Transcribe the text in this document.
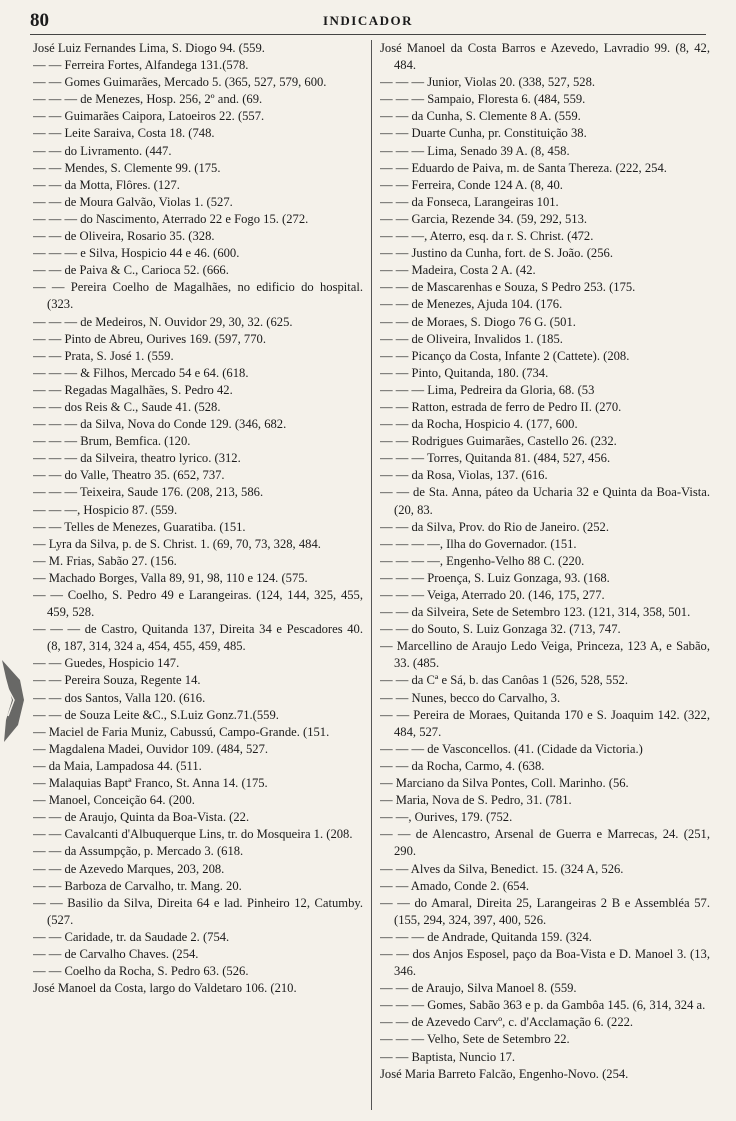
80	INDICADOR

José Luiz Fernandes Lima, S. Diogo 94. (559.

— — Ferreira Fortes, Alfandega 131.(578.

— — Gomes Guimarães, Mercado 5. (365, 527, 579, 600.

— — — de Menezes, Hosp. 256, 2º and. (69.

— — Guimarães Caipora, Latoeiros 22. (557.

— — Leite Saraiva, Costa 18. (748.

— — do Livramento. (447.

— — Mendes, S. Clemente 99. (175.

— — da Motta, Flôres. (127.

— — de Moura Galvão, Violas 1. (527.

— — — do Nascimento, Aterrado 22 e Fogo 15. (272.

— — de Oliveira, Rosario 35. (328.

— — — e Silva, Hospicio 44 e 46. (600.

— — de Paiva & C., Carioca 52. (666.

— — Pereira Coelho de Magalhães, no edificio do hospital. (323.

— — — de Medeiros, N. Ouvidor 29, 30, 32. (625.

— — Pinto de Abreu, Ourives 169. (597, 770.

— — Prata, S. José 1. (559.

— — — & Filhos, Mercado 54 e 64. (618.

— — Regadas Magalhães, S. Pedro 42.

— — dos Reis & C., Saude 41. (528.

— — — da Silva, Nova do Conde 129. (346, 682.

— — — Brum, Bemfica. (120.

— — — da Silveira, theatro lyrico. (312.

— — do Valle, Theatro 35. (652, 737.

— — — Teixeira, Saude 176. (208, 213, 586.

— — —, Hospicio 87. (559.

— — Telles de Menezes, Guaratiba. (151.

— Lyra da Silva, p. de S. Christ. 1. (69, 70, 73, 328, 484.

— M. Frias, Sabão 27. (156.

— Machado Borges, Valla 89, 91, 98, 110 e 124. (575.

— — Coelho, S. Pedro 49 e Larangeiras. (124, 144, 325, 455, 459, 528.

— — — de Castro, Quitanda 137, Direita 34 e Pescadores 40. (8, 187, 314, 324 a, 454, 455, 459, 485.

— — Guedes, Hospicio 147.

— — Pereira Souza, Regente 14.

— — dos Santos, Valla 120. (616.

— — de Souza Leite &C., S.Luiz Gonz.71.(559.

— Maciel de Faria Muniz, Cabussú, Campo-Grande. (151.

— Magdalena Madei, Ouvidor 109. (484, 527.

— da Maia, Lampadosa 44. (511.

— Malaquias Baptª Franco, St. Anna 14. (175.

— Manoel, Conceição 64. (200.

— — de Araujo, Quinta da Boa-Vista. (22.

— — Cavalcanti d'Albuquerque Lins, tr. do Mosqueira 1. (208.

— — da Assumpção, p. Mercado 3. (618.

— — de Azevedo Marques, 203, 208.

— — Barboza de Carvalho, tr. Mang. 20.

— — Basilio da Silva, Direita 64 e lad. Pinheiro 12, Catumby. (527.

— — Caridade, tr. da Saudade 2. (754.

— — de Carvalho Chaves. (254.

— — Coelho da Rocha, S. Pedro 63. (526.

José Manoel da Costa, largo do Valdetaro 106. (210.

José Manoel da Costa Barros e Azevedo, Lavradio 99. (8, 42, 484.

— — — Junior, Violas 20. (338, 527, 528.

— — — Sampaio, Floresta 6. (484, 559.

— — da Cunha, S. Clemente 8 A. (559.

— — Duarte Cunha, pr. Constituição 38.

— — — Lima, Senado 39 A. (8, 458.

— — Eduardo de Paiva, m. de Santa Thereza. (222, 254.

— — Ferreira, Conde 124 A. (8, 40.

— — da Fonseca, Larangeiras 101.

— — Garcia, Rezende 34. (59, 292, 513.

— — —, Aterro, esq. da r. S. Christ. (472.

— — Justino da Cunha, fort. de S. João. (256.

— — Madeira, Costa 2 A. (42.

— — de Mascarenhas e Souza, S Pedro 253. (175.

— — de Menezes, Ajuda 104. (176.

— — de Moraes, S. Diogo 76 G. (501.

— — de Oliveira, Invalidos 1. (185.

— — Picanço da Costa, Infante 2 (Cattete). (208.

— — Pinto, Quitanda, 180. (734.

— — — Lima, Pedreira da Gloria, 68. (53

— — Ratton, estrada de ferro de Pedro II. (270.

— — da Rocha, Hospicio 4. (177, 600.

— — Rodrigues Guimarães, Castello 26. (232.

— — — Torres, Quitanda 81. (484, 527, 456.

— — da Rosa, Violas, 137. (616.

— — de Sta. Anna, páteo da Ucharia 32 e Quinta da Boa-Vista. (20, 83.

— — da Silva, Prov. do Rio de Janeiro. (252.

— — — —, Ilha do Governador. (151.

— — — —, Engenho-Velho 88 C. (220.

— — — Proença, S. Luiz Gonzaga, 93. (168.

— — — Veiga, Aterrado 20. (146, 175, 277.

— — da Silveira, Sete de Setembro 123. (121, 314, 358, 501.

— — do Souto, S. Luiz Gonzaga 32. (713, 747.

— Marcellino de Araujo Ledo Veiga, Princeza, 123 A, e Sabão, 33. (485.

— — da Cª e Sá, b. das Canôas 1 (526, 528, 552.

— — Nunes, becco do Carvalho, 3.

— — Pereira de Moraes, Quitanda 170 e S. Joaquim 142. (322, 484, 527.

— — — de Vasconcellos. (41. (Cidade da Victoria.)

— — da Rocha, Carmo, 4. (638.

— Marciano da Silva Pontes, Coll. Marinho. (56.

— Maria, Nova de S. Pedro, 31. (781.

— —, Ourives, 179. (752.

— — de Alencastro, Arsenal de Guerra e Marrecas, 24. (251, 290.

— — Alves da Silva, Benedict. 15. (324 A, 526.

— — Amado, Conde 2. (654.

— — do Amaral, Direita 25, Larangeiras 2 B e Assembléa 57. (155, 294, 324, 397, 400, 526.

— — — de Andrade, Quitanda 159. (324.

— — dos Anjos Esposel, paço da Boa-Vista e D. Manoel 3. (13, 346.

— — de Araujo, Silva Manoel 8. (559.

— — — Gomes, Sabão 363 e p. da Gambôa 145. (6, 314, 324 a.

— — de Azevedo Carvº, c. d'Acclamação 6. (222.

— — — Velho, Sete de Setembro 22.

— — Baptista, Nuncio 17.

José Maria Barreto Falcão, Engenho-Novo. (254.
